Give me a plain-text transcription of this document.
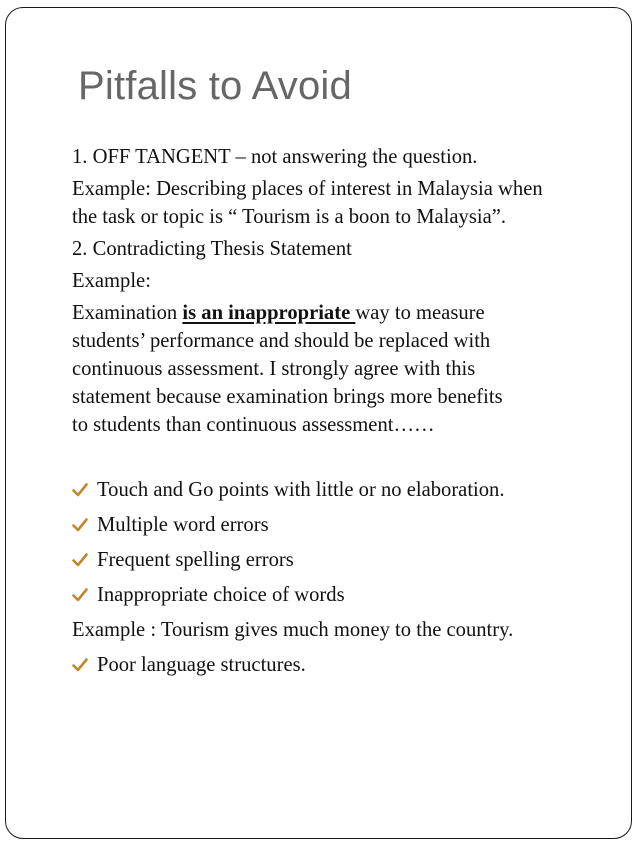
Pitfalls to Avoid
1. OFF TANGENT – not answering the question.
Example: Describing places of interest in Malaysia when
the task or topic is “ Tourism is a boon to Malaysia”.
2. Contradicting Thesis Statement
Example:
Examination is an inappropriate way to measure
students’ performance and should be replaced with
continuous assessment. I strongly agree with this
statement because examination brings more benefits
to students than continuous assessment……
Touch and Go points with little or no elaboration.
Multiple word errors
Frequent spelling errors
Inappropriate choice of words
Example : Tourism gives much money to the country.
Poor language structures.
